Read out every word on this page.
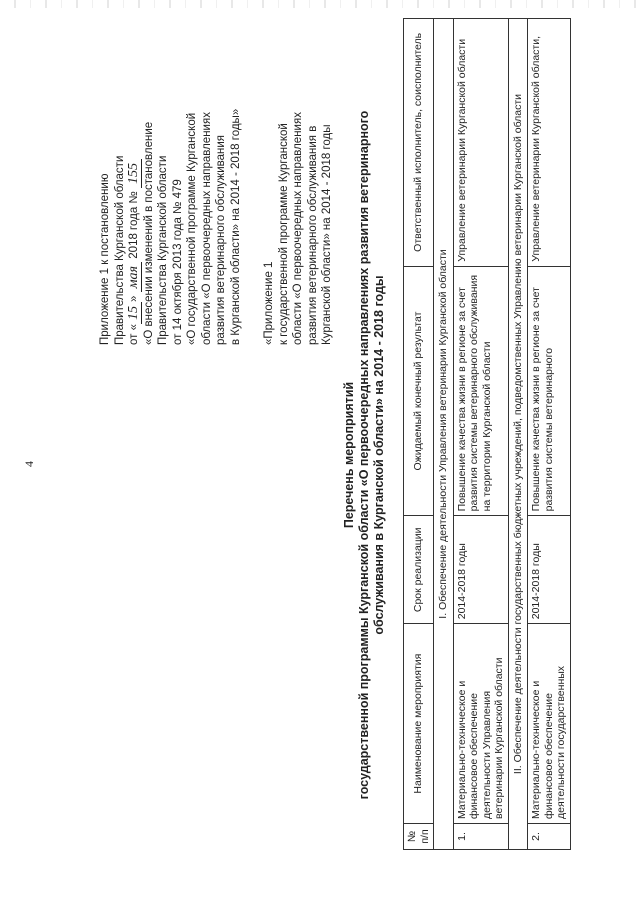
4
Приложение 1 к постановлению Правительства Курганской области от «15» мая 2018 года № 155 «О внесении изменений в постановление Правительства Курганской области от 14 октября 2013 года № 479 «О государственной программе Курганской области «О первоочередных направлениях развития ветеринарного обслуживания в Курганской области» на 2014 - 2018 годы» «Приложение 1 к государственной программе Курганской области «О первоочередных направлениях развития ветеринарного обслуживания в Курганской области» на 2014 - 2018 годы
Перечень мероприятий государственной программы Курганской области «О первоочередных направлениях развития ветеринарного обслуживания в Курганской области» на 2014 - 2018 годы
№ п/п	Наименование мероприятия	Срок реализации	Ожидаемый конечный результат	Ответственный исполнитель, соисполнитель
I. Обеспечение деятельности Управления ветеринарии Курганской области				
1.	Материально-техническое и финансовое обеспечение деятельности Управления ветеринарии Курганской области	2014-2018 годы	Повышение качества жизни в регионе за счет развития системы ветеринарного обслуживания на территории Курганской области	Управление ветеринарии Курганской области
II. Обеспечение деятельности государственных бюджетных учреждений, подведомственных Управлению ветеринарии Курганской области				
2.	Материально-техническое и финансовое обеспечение деятельности государственных	2014-2018 годы	Повышение качества жизни в регионе за счет развития системы ветеринарного	Управление ветеринарии Курганской области,
